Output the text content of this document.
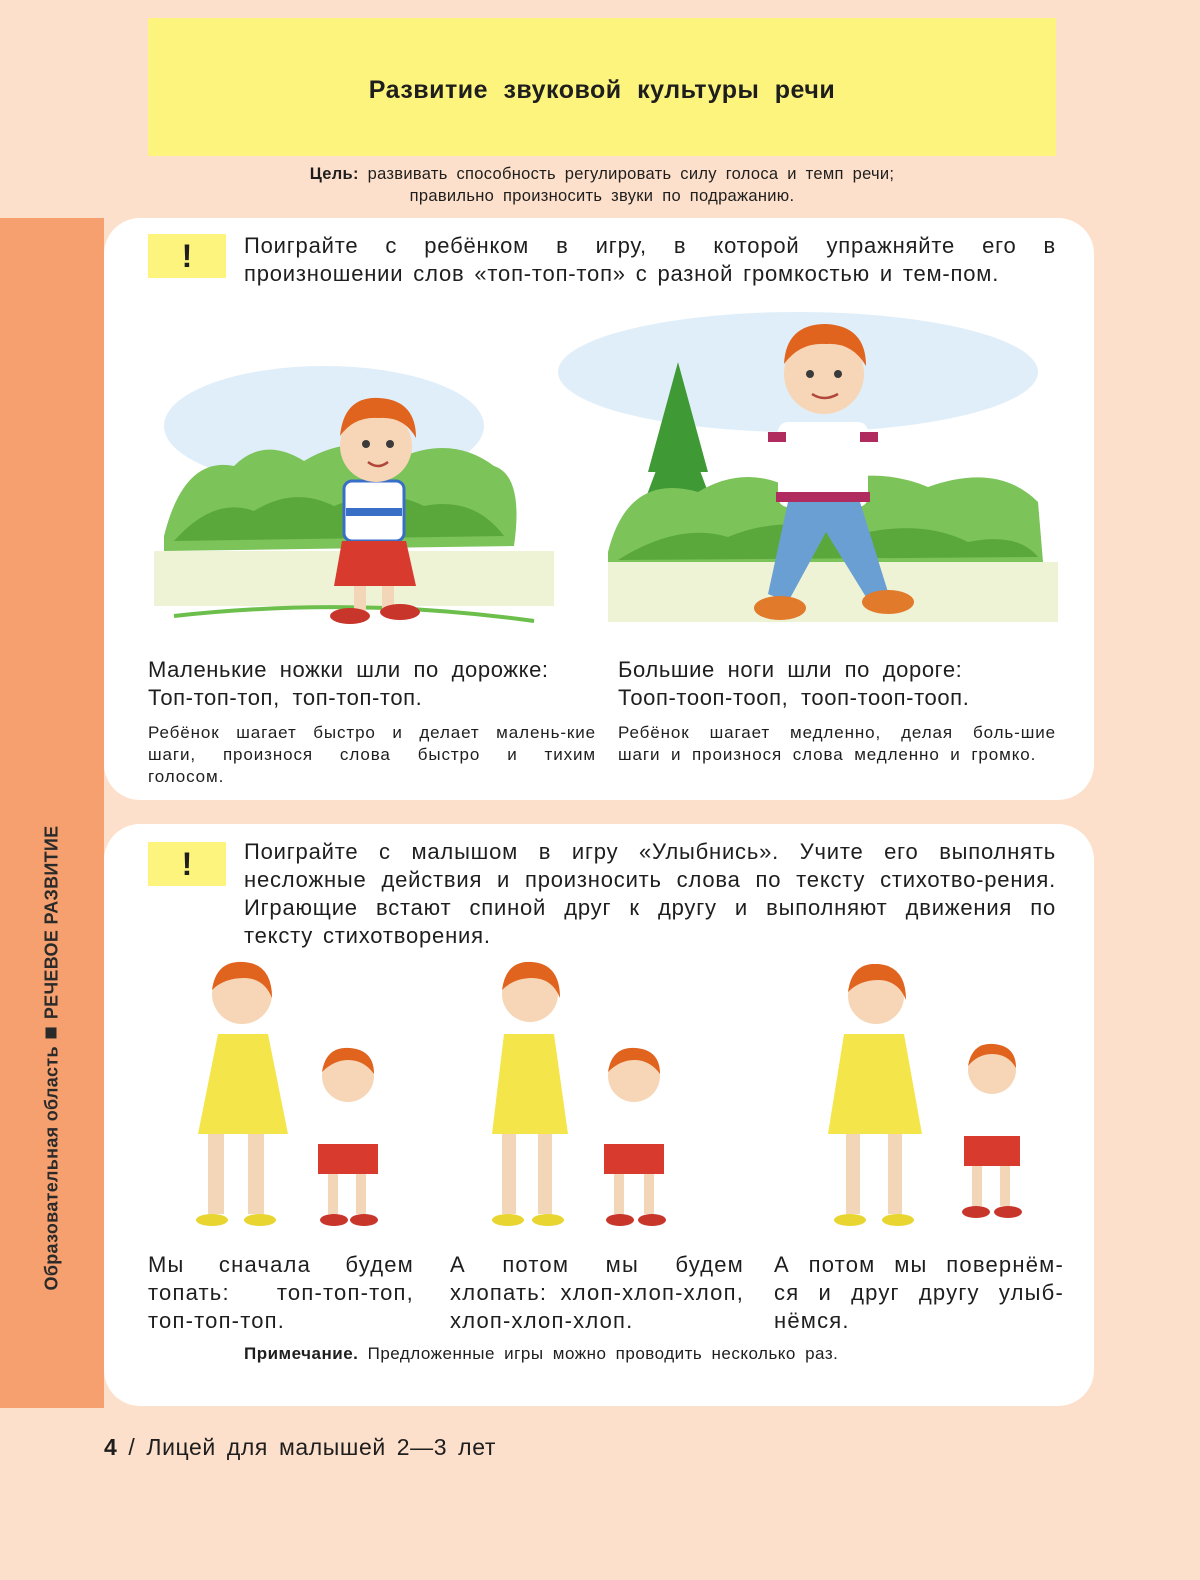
Развитие звуковой культуры речи
Цель: развивать способность регулировать силу голоса и темп речи;
правильно произносить звуки по подражанию.
Образовательная областьРЕЧЕВОЕ РАЗВИТИЕ
!	Поиграйте с ребёнком в игру, в которой упражняйте его в произношении слов «топ-топ-топ» с разной громкостью и тем-пом.
Маленькие ножки шли по дорожке:
Топ-топ-топ, топ-топ-топ.
Ребёнок шагает быстро и делает малень-кие шаги, произнося слова быстро и тихим голосом.
Большие ноги шли по дороге:
Тооп-тооп-тооп, тооп-тооп-тооп.
Ребёнок шагает медленно, делая боль-шие шаги и произнося слова медленно и громко.
!	Поиграйте с малышом в игру «Улыбнись». Учите его выполнять несложные действия и произносить слова по тексту стихотво-рения. Играющие встают спиной друг к другу и выполняют движения по тексту стихотворения.
Мы сначала будем топать: топ-топ-топ, топ-топ-топ.
А потом мы будем хлопать: хлоп-хлоп-хлоп, хлоп-хлоп-хлоп.
А потом мы повернём-ся и друг другу улыб-нёмся.
Примечание. Предложенные игры можно проводить несколько раз.
4 / Лицей для малышей 2—3 лет
